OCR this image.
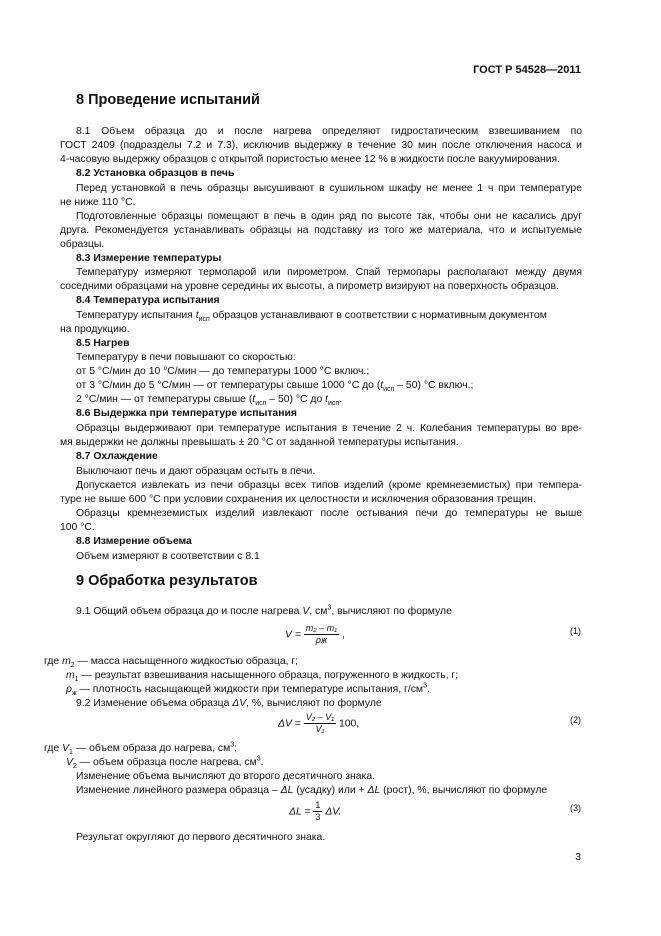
ГОСТ Р 54528—2011
8 Проведение испытаний
8.1 Объем образца до и после нагрева определяют гидростатическим взвешиванием по
ГОСТ 2409 (подразделы 7.2 и 7.3), исключив выдержку в течение 30 мин после отключения насоса и
4-часовую выдержку образцов с открытой пористостью менее 12 % в жидкости после вакуумирования.
8.2 Установка образцов в печь
Перед установкой в печь образцы высушивают в сушильном шкафу не менее 1 ч при температуре
не ниже 110 °С.
Подготовленные образцы помещают в печь в один ряд по высоте так, чтобы они не касались друг
друга. Рекомендуется устанавливать образцы на подставку из того же материала, что и испытуемые
образцы.
8.3 Измерение температуры
Температуру измеряют термопарой или пирометром. Спай термопары располагают между двумя
соседними образцами на уровне середины их высоты, а пирометр визируют на поверхность образцов.
8.4 Температура испытания
Температуру испытания $t_{исп}$ образцов устанавливают в соответствии с нормативным документом
на продукцию.
8.5 Нагрев
Температуру в печи повышают со скоростью:
от 5 °С/мин до 10 °С/мин — до температуры 1000 °С включ.;
от 3 °С/мин до 5 °С/мин — от температуры свыше 1000 °С до $(t_{исп} - 50)$ °С включ.;
2 °С/мин — от температуры свыше $(t_{исп} - 50)$ °С до $t_{исп}$.
8.6 Выдержка при температуре испытания
Образцы выдерживают при температуре испытания в течение 2 ч. Колебания температуры во вре-
мя выдержки не должны превышать ± 20 °С от заданной температуры испытания.
8.7 Охлаждение
Выключают печь и дают образцам остыть в печи.
Допускается извлекать из печи образцы всех типов изделий (кроме кремнеземистых) при темпера-
туре не выше 600 °С при условии сохранения их целостности и исключения образования трещин.
Образцы кремнеземистых изделий извлекают после остывания печи до температуры не выше
100 °С.
8.8 Измерение объема
Объем измеряют в соответствии с 8.1
9 Обработка результатов
9.1 Общий объем образца до и после нагрева V, $см^3$, вычисляют по формуле
$V = \frac{\text{m₂ – m₁}}{\rho ж}$ ,	(1)
где $m_2$ — масса насыщенного жидкостью образца, г;
$m_1$ — результат взвешивания насыщенного образца, погруженного в жидкость, г;
$\rho_ж$ — плотность насыщающей жидкости при температуре испытания, $г/см^3$.
9.2 Изменение объема образца ΔV, %, вычисляют по формуле
$\Delta V = \frac{\text{V₂ – V₁}}{\text{V₁}} 100$,	(2)
где $V_1$ — объем образа до нагрева, $см^3$;
$V_2$ — объем образца после нагрева, $см^3$.
Изменение объема вычисляют до второго десятичного знака.
Изменение линейного размера образца – ΔL (усадку) или + ΔL (рост), %, вычисляют по формуле
$\Delta L = \frac{1}{3} \Delta V$.	(3)
Результат округляют до первого десятичного знака.
3
